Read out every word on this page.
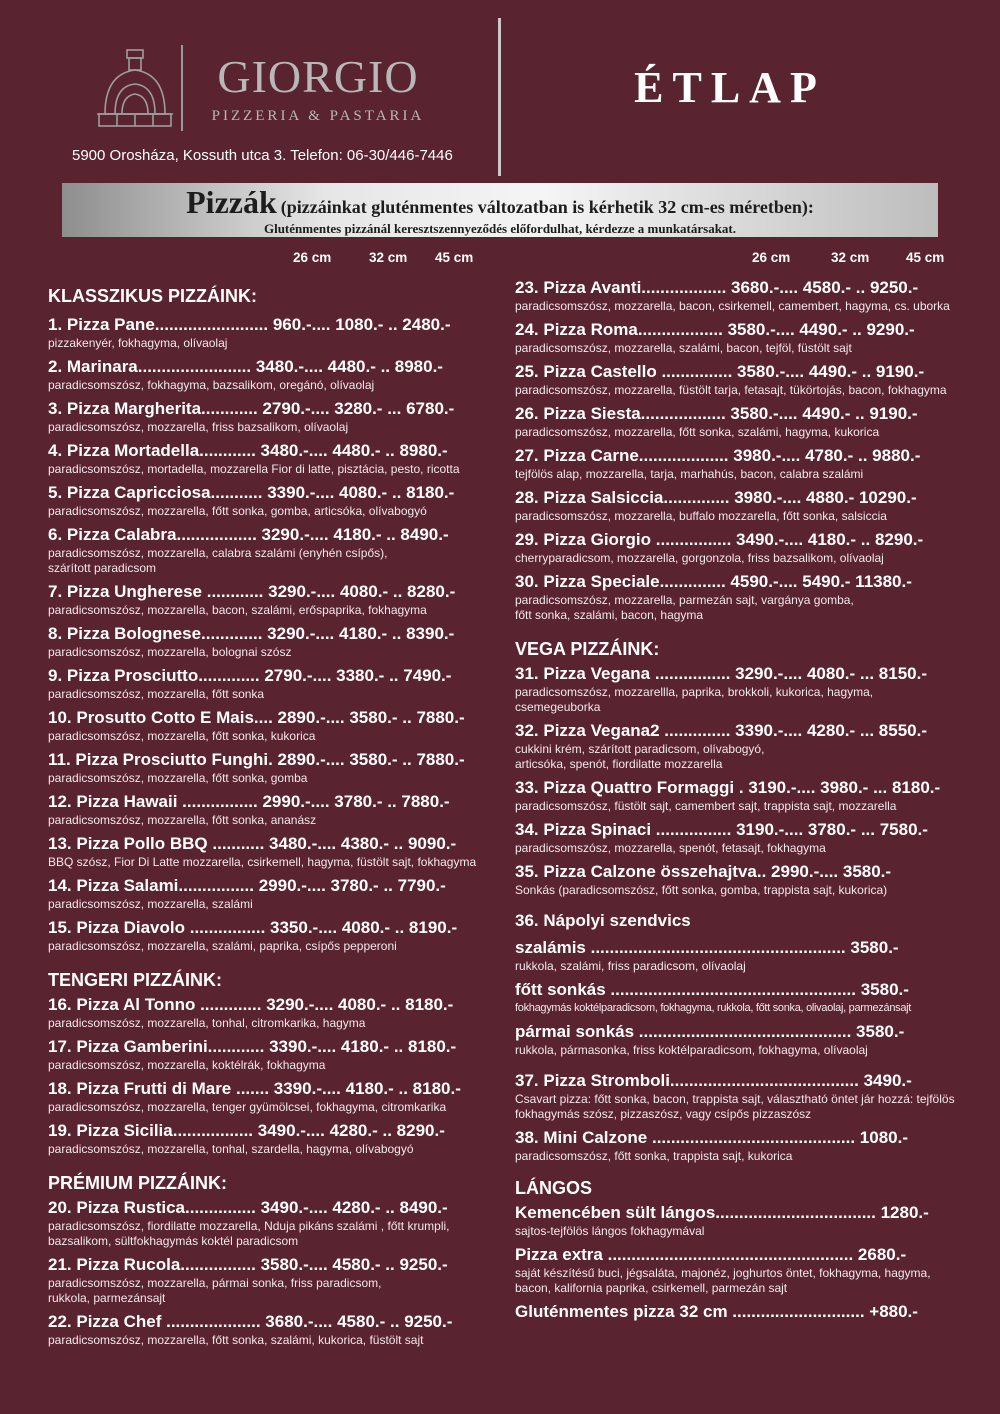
GIORGIO
PIZZERIA & PASTARIA
5900 Orosháza, Kossuth utca 3. Telefon: 06-30/446-7446
ÉTLAP
Pizzák (pizzáinkat gluténmentes változatban is kérhetik 32 cm-es méretben):
Gluténmentes pizzánál keresztszennyeződés előfordulhat, kérdezze a munkatársakat.
26 cm	32 cm 45 cm	26 cm	32 cm	45 cm
KLASSZIKUS PIZZÁINK:
1. Pizza Pane........................ 960.-.... 1080.- .. 2480.-
pizzakenyér, fokhagyma, olívaolaj
2. Marinara........................ 3480.-.... 4480.- .. 8980.-
paradicsomszósz, fokhagyma, bazsalikom, oregánó, olívaolaj
3. Pizza Margherita............ 2790.-.... 3280.- ... 6780.-
paradicsomszósz, mozzarella, friss bazsalikom, olívaolaj
4. Pizza Mortadella............ 3480.-.... 4480.- .. 8980.-
paradicsomszósz, mortadella, mozzarella Fior di latte, pisztácia, pesto, ricotta
5. Pizza Capricciosa........... 3390.-.... 4080.- .. 8180.-
paradicsomszósz, mozzarella, főtt sonka, gomba, articsóka, olívabogyó
6. Pizza Calabra................. 3290.-.... 4180.- .. 8490.-
paradicsomszósz, mozzarella, calabra szalámi (enyhén csípős), szárított paradicsom
7. Pizza Ungherese ............ 3290.-.... 4080.- .. 8280.-
paradicsomszósz, mozzarella, bacon, szalámi, erőspaprika, fokhagyma
8. Pizza Bolognese............. 3290.-.... 4180.- .. 8390.-
paradicsomszósz, mozzarella, bolognai szósz
9. Pizza Prosciutto............. 2790.-.... 3380.- .. 7490.-
paradicsomszósz, mozzarella, főtt sonka
10. Prosutto Cotto E Mais.... 2890.-.... 3580.- .. 7880.-
paradicsomszósz, mozzarella, főtt sonka, kukorica
11. Pizza Prosciutto Funghi. 2890.-.... 3580.- .. 7880.-
paradicsomszósz, mozzarella, főtt sonka, gomba
12. Pizza Hawaii ................ 2990.-.... 3780.- .. 7880.-
paradicsomszósz, mozzarella, főtt sonka, ananász
13. Pizza Pollo BBQ ........... 3480.-.... 4380.- .. 9090.-
BBQ szósz, Fior Di Latte mozzarella, csirkemell, hagyma, füstölt sajt, fokhagyma
14. Pizza Salami................ 2990.-.... 3780.- .. 7790.-
paradicsomszósz, mozzarella, szalámi
15. Pizza Diavolo ................ 3350.-.... 4080.- .. 8190.-
paradicsomszósz, mozzarella, szalámi, paprika, csípős pepperoni
TENGERI PIZZÁINK:
16. Pizza Al Tonno ............. 3290.-.... 4080.- .. 8180.-
paradicsomszósz, mozzarella, tonhal, citromkarika, hagyma
17. Pizza Gamberini............ 3390.-.... 4180.- .. 8180.-
paradicsomszósz, mozzarella, koktélrák, fokhagyma
18. Pizza Frutti di Mare ....... 3390.-.... 4180.- .. 8180.-
paradicsomszósz, mozzarella, tenger gyümölcsei, fokhagyma, citromkarika
19. Pizza Sicilia................. 3490.-.... 4280.- .. 8290.-
paradicsomszósz, mozzarella, tonhal, szardella, hagyma, olívabogyó
PRÉMIUM PIZZÁINK:
20. Pizza Rustica............... 3490.-.... 4280.- .. 8490.-
paradicsomszósz, fiordilatte mozzarella, Nduja pikáns szalámi , főtt krumpli, bazsalikom, sültfokhagymás koktél paradicsom
21. Pizza Rucola................ 3580.-.... 4580.- .. 9250.-
paradicsomszósz, mozzarella, pármai sonka, friss paradicsom, rukkola, parmezánsajt
22. Pizza Chef .................... 3680.-.... 4580.- .. 9250.-
paradicsomszósz, mozzarella, főtt sonka, szalámi, kukorica, füstölt sajt
23. Pizza Avanti.................. 3680.-.... 4580.- .. 9250.-
paradicsomszósz, mozzarella, bacon, csirkemell, camembert, hagyma, cs. uborka
24. Pizza Roma.................. 3580.-.... 4490.- .. 9290.-
paradicsomszósz, mozzarella, szalámi, bacon, tejföl, füstölt sajt
25. Pizza Castello ............... 3580.-.... 4490.- .. 9190.-
paradicsomszósz, mozzarella, füstölt tarja, fetasajt, tükörtojás, bacon, fokhagyma
26. Pizza Siesta.................. 3580.-.... 4490.- .. 9190.-
paradicsomszósz, mozzarella, főtt sonka, szalámi, hagyma, kukorica
27. Pizza Carne................... 3980.-.... 4780.- .. 9880.-
tejfölös alap, mozzarella, tarja, marhahús, bacon, calabra szalámi
28. Pizza Salsiccia.............. 3980.-.... 4880.- 10290.-
paradicsomszósz, mozzarella, buffalo mozzarella, főtt sonka, salsiccia
29. Pizza Giorgio ................ 3490.-.... 4180.- .. 8290.-
cherryparadicsom, mozzarella, gorgonzola, friss bazsalikom, olívaolaj
30. Pizza Speciale.............. 4590.-.... 5490.- 11380.-
paradicsomszósz, mozzarella, parmezán sajt, vargánya gomba, főtt sonka, szalámi, bacon, hagyma
VEGA PIZZÁINK:
31. Pizza Vegana ................ 3290.-.... 4080.- ... 8150.-
paradicsomszósz, mozzarellla, paprika, brokkoli, kukorica, hagyma, csemegeuborka
32. Pizza Vegana2 .............. 3390.-.... 4280.- ... 8550.-
cukkini krém, szárított paradicsom, olívabogyó, articsóka, spenót, fiordilatte mozzarella
33. Pizza Quattro Formaggi . 3190.-.... 3980.- ... 8180.-
paradicsomszósz, füstölt sajt, camembert sajt, trappista sajt, mozzarella
34. Pizza Spinaci ................ 3190.-.... 3780.- ... 7580.-
paradicsomszósz, mozzarella, spenót, fetasajt, fokhagyma
35. Pizza Calzone összehajtva.. 2990.-.... 3580.-
Sonkás (paradicsomszósz, főtt sonka, gomba, trappista sajt, kukorica)
36. Nápolyi szendvics
szalámis ...................................................... 3580.-
rukkola, szalámi, friss paradicsom, olívaolaj
főtt sonkás .................................................... 3580.-
fokhagymás koktélparadicsom, fokhagyma, rukkola, főtt sonka, olivaolaj, parmezánsajt
pármai sonkás ............................................. 3580.-
rukkola, pármasonka, friss koktélparadicsom, fokhagyma, olívaolaj
37. Pizza Stromboli........................................ 3490.-
Csavart pizza: főtt sonka, bacon, trappista sajt, választható öntet jár hozzá: tejfölös fokhagymás szósz, pizzaszósz, vagy csípős pizzaszósz
38. Mini Calzone ........................................... 1080.-
paradicsomszósz, főtt sonka, trappista sajt, kukorica
LÁNGOS
Kemencében sült lángos.................................. 1280.-
sajtos-tejfölös lángos fokhagymával
Pizza extra .................................................... 2680.-
saját készítésű buci, jégsaláta, majonéz, joghurtos öntet, fokhagyma, hagyma, bacon, kalifornia paprika, csirkemell, parmezán sajt
Gluténmentes pizza 32 cm ............................ +880.-
